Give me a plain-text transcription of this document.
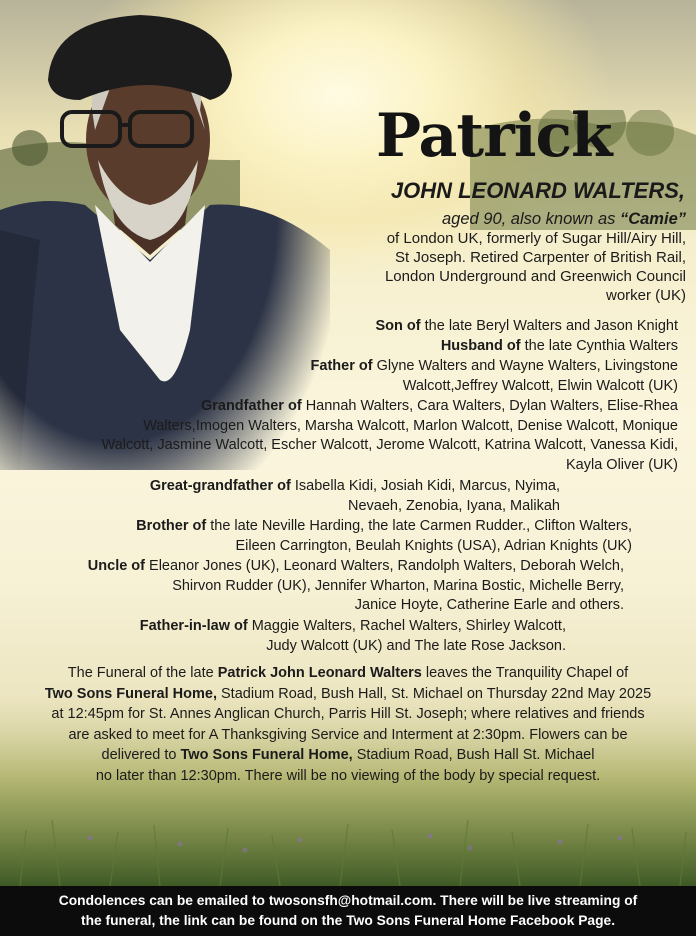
Patrick
JOHN LEONARD WALTERS,

aged 90, also known as “Camie”
of London UK, formerly of Sugar Hill/Airy Hill,
St Joseph. Retired Carpenter of British Rail,
London Underground and Greenwich Council
worker (UK)

Son of the late Beryl Walters and Jason Knight

Husband of the late Cynthia Walters

Father of Glyne Walters and Wayne Walters, Livingstone
Walcott,Jeffrey Walcott, Elwin Walcott (UK)

Grandfather of Hannah Walters, Cara Walters, Dylan Walters, Elise-Rhea
Walters,Imogen Walters, Marsha Walcott, Marlon Walcott, Denise Walcott, Monique
Walcott, Jasmine Walcott, Escher Walcott, Jerome Walcott, Katrina Walcott, Vanessa Kidi,
Kayla Oliver (UK)

Great-grandfather of Isabella Kidi, Josiah Kidi, Marcus, Nyima,
Nevaeh, Zenobia, Iyana, Malikah

Brother of the late Neville Harding, the late Carmen Rudder., Clifton Walters,
Eileen Carrington, Beulah Knights (USA), Adrian Knights (UK)

Uncle of Eleanor Jones (UK), Leonard Walters, Randolph Walters, Deborah Welch,
Shirvon Rudder (UK), Jennifer Wharton, Marina Bostic, Michelle Berry,
Janice Hoyte, Catherine Earle and others.

Father-in-law of Maggie Walters, Rachel Walters, Shirley Walcott,
Judy Walcott (UK) and The late Rose Jackson.

The Funeral of the late Patrick John Leonard Walters leaves the Tranquility Chapel of
Two Sons Funeral Home, Stadium Road, Bush Hall, St. Michael on Thursday 22nd May 2025
at 12:45pm for St. Annes Anglican Church, Parris Hill St. Joseph; where relatives and friends
are asked to meet for A Thanksgiving Service and Interment at 2:30pm. Flowers can be
delivered to Two Sons Funeral Home, Stadium Road, Bush Hall St. Michael
no later than 12:30pm. There will be no viewing of the body by special request.

Condolences can be emailed to twosonsfh@hotmail.com. There will be live streaming of
the funeral, the link can be found on the Two Sons Funeral Home Facebook Page.
